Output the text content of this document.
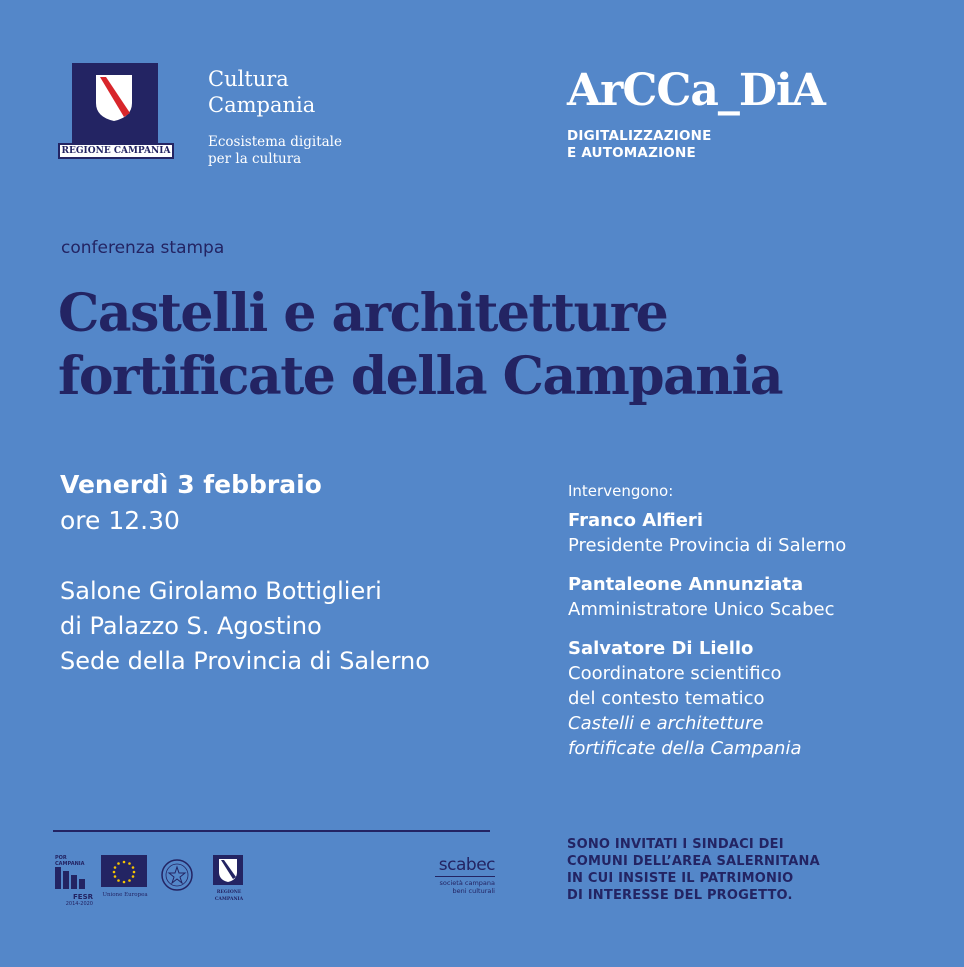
REGIONE CAMPANIA
Cultura
Campania
Ecosistema digitale
per la cultura
ArCCa_DiA
DIGITALIZZAZIONE
E AUTOMAZIONE
conferenza stampa
Castelli e architetture
fortificate della Campania
Venerdì 3 febbraio
ore 12.30
Salone Girolamo Bottiglieri
di Palazzo S. Agostino
Sede della Provincia di Salerno
Intervengono:
Franco Alfieri
Presidente Provincia di Salerno
Pantaleone Annunziata
Amministratore Unico Scabec
Salvatore Di Liello
Coordinatore scientifico
del contesto tematico
Castelli e architetture
fortificate della Campania
POR CAMPANIA
FESR
2014-2020
Unione Europea	REGIONE CAMPANIA
scabec
società campana
beni culturali
SONO INVITATI I SINDACI DEI
COMUNI DELL’AREA SALERNITANA
IN CUI INSISTE IL PATRIMONIO
DI INTERESSE DEL PROGETTO.
